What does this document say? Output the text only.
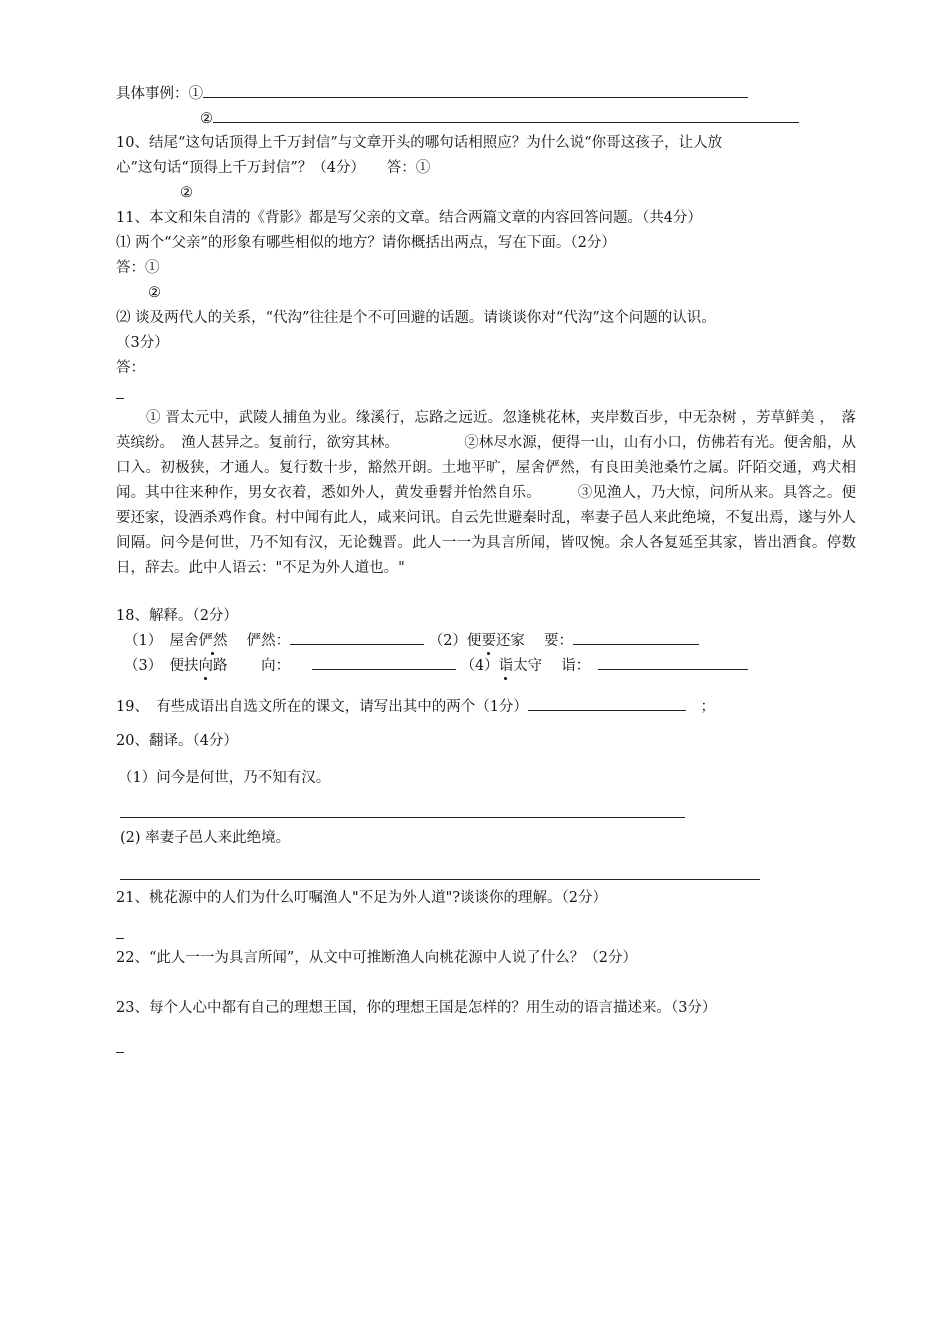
具体事例：①
②
10、结尾“这句话顶得上千万封信”与文章开头的哪句话相照应？为什么说“你哥这孩子，让人放
心”这句话“顶得上千万封信”？（4分）　　答：①
②
11、本文和朱自清的《背影》都是写父亲的文章。结合两篇文章的内容回答问题。（共4分）
⑴ 两个“父亲”的形象有哪些相似的地方？请你概括出两点，写在下面。（2分）
答：①
②
⑵ 谈及两代人的关系，“代沟”往往是个不可回避的话题。请谈谈你对“代沟”这个问题的认识。
（3分）
答：
① 晋太元中，武陵人捕鱼为业。缘溪行，忘路之远近。忽逢桃花林，夹岸数百步，中无杂树 ，芳草鲜美 ，　落英缤纷。　渔人甚异之。复前行，欲穷其林。　　　　　②林尽水源，便得一山，山有小口，仿佛若有光。便舍船，从口入。初极狭，才通人。复行数十步，豁然开朗。土地平旷，屋舍俨然，有良田美池桑竹之属。阡陌交通，鸡犬相闻。其中往来种作，男女衣着，悉如外人，黄发垂髫并怡然自乐。　　　③见渔人，乃大惊，问所从来。具答之。便要还家，设酒杀鸡作食。村中闻有此人，咸来问讯。自云先世避秦时乱，率妻子邑人来此绝境，不复出焉，遂与外人间隔。问今是何世，乃不知有汉，无论魏晋。此人一一为具言所闻，皆叹惋。余人各复延至其家，皆出酒食。停数日，辞去。此中人语云："不足为外人道也。"
18、解释。（2分）
（1）　 屋舍俨然　 俨然：	（2）便要还家　 要：
（3）　 便扶向路　　 向：　　	（4）诣太守　 诣：　
19、　有些成语出自选文所在的课文，请写出其中的两个（1分）　	；
20、翻译。（4分）
（1）问今是何世，乃不知有汉。
(2) 率妻子邑人来此绝境。
21、桃花源中的人们为什么叮嘱渔人"不足为外人道"?谈谈你的理解。（2分）
22、“此人一一为具言所闻”，从文中可推断渔人向桃花源中人说了什么？（2分）
23、每个人心中都有自己的理想王国，你的理想王国是怎样的？用生动的语言描述来。（3分）
